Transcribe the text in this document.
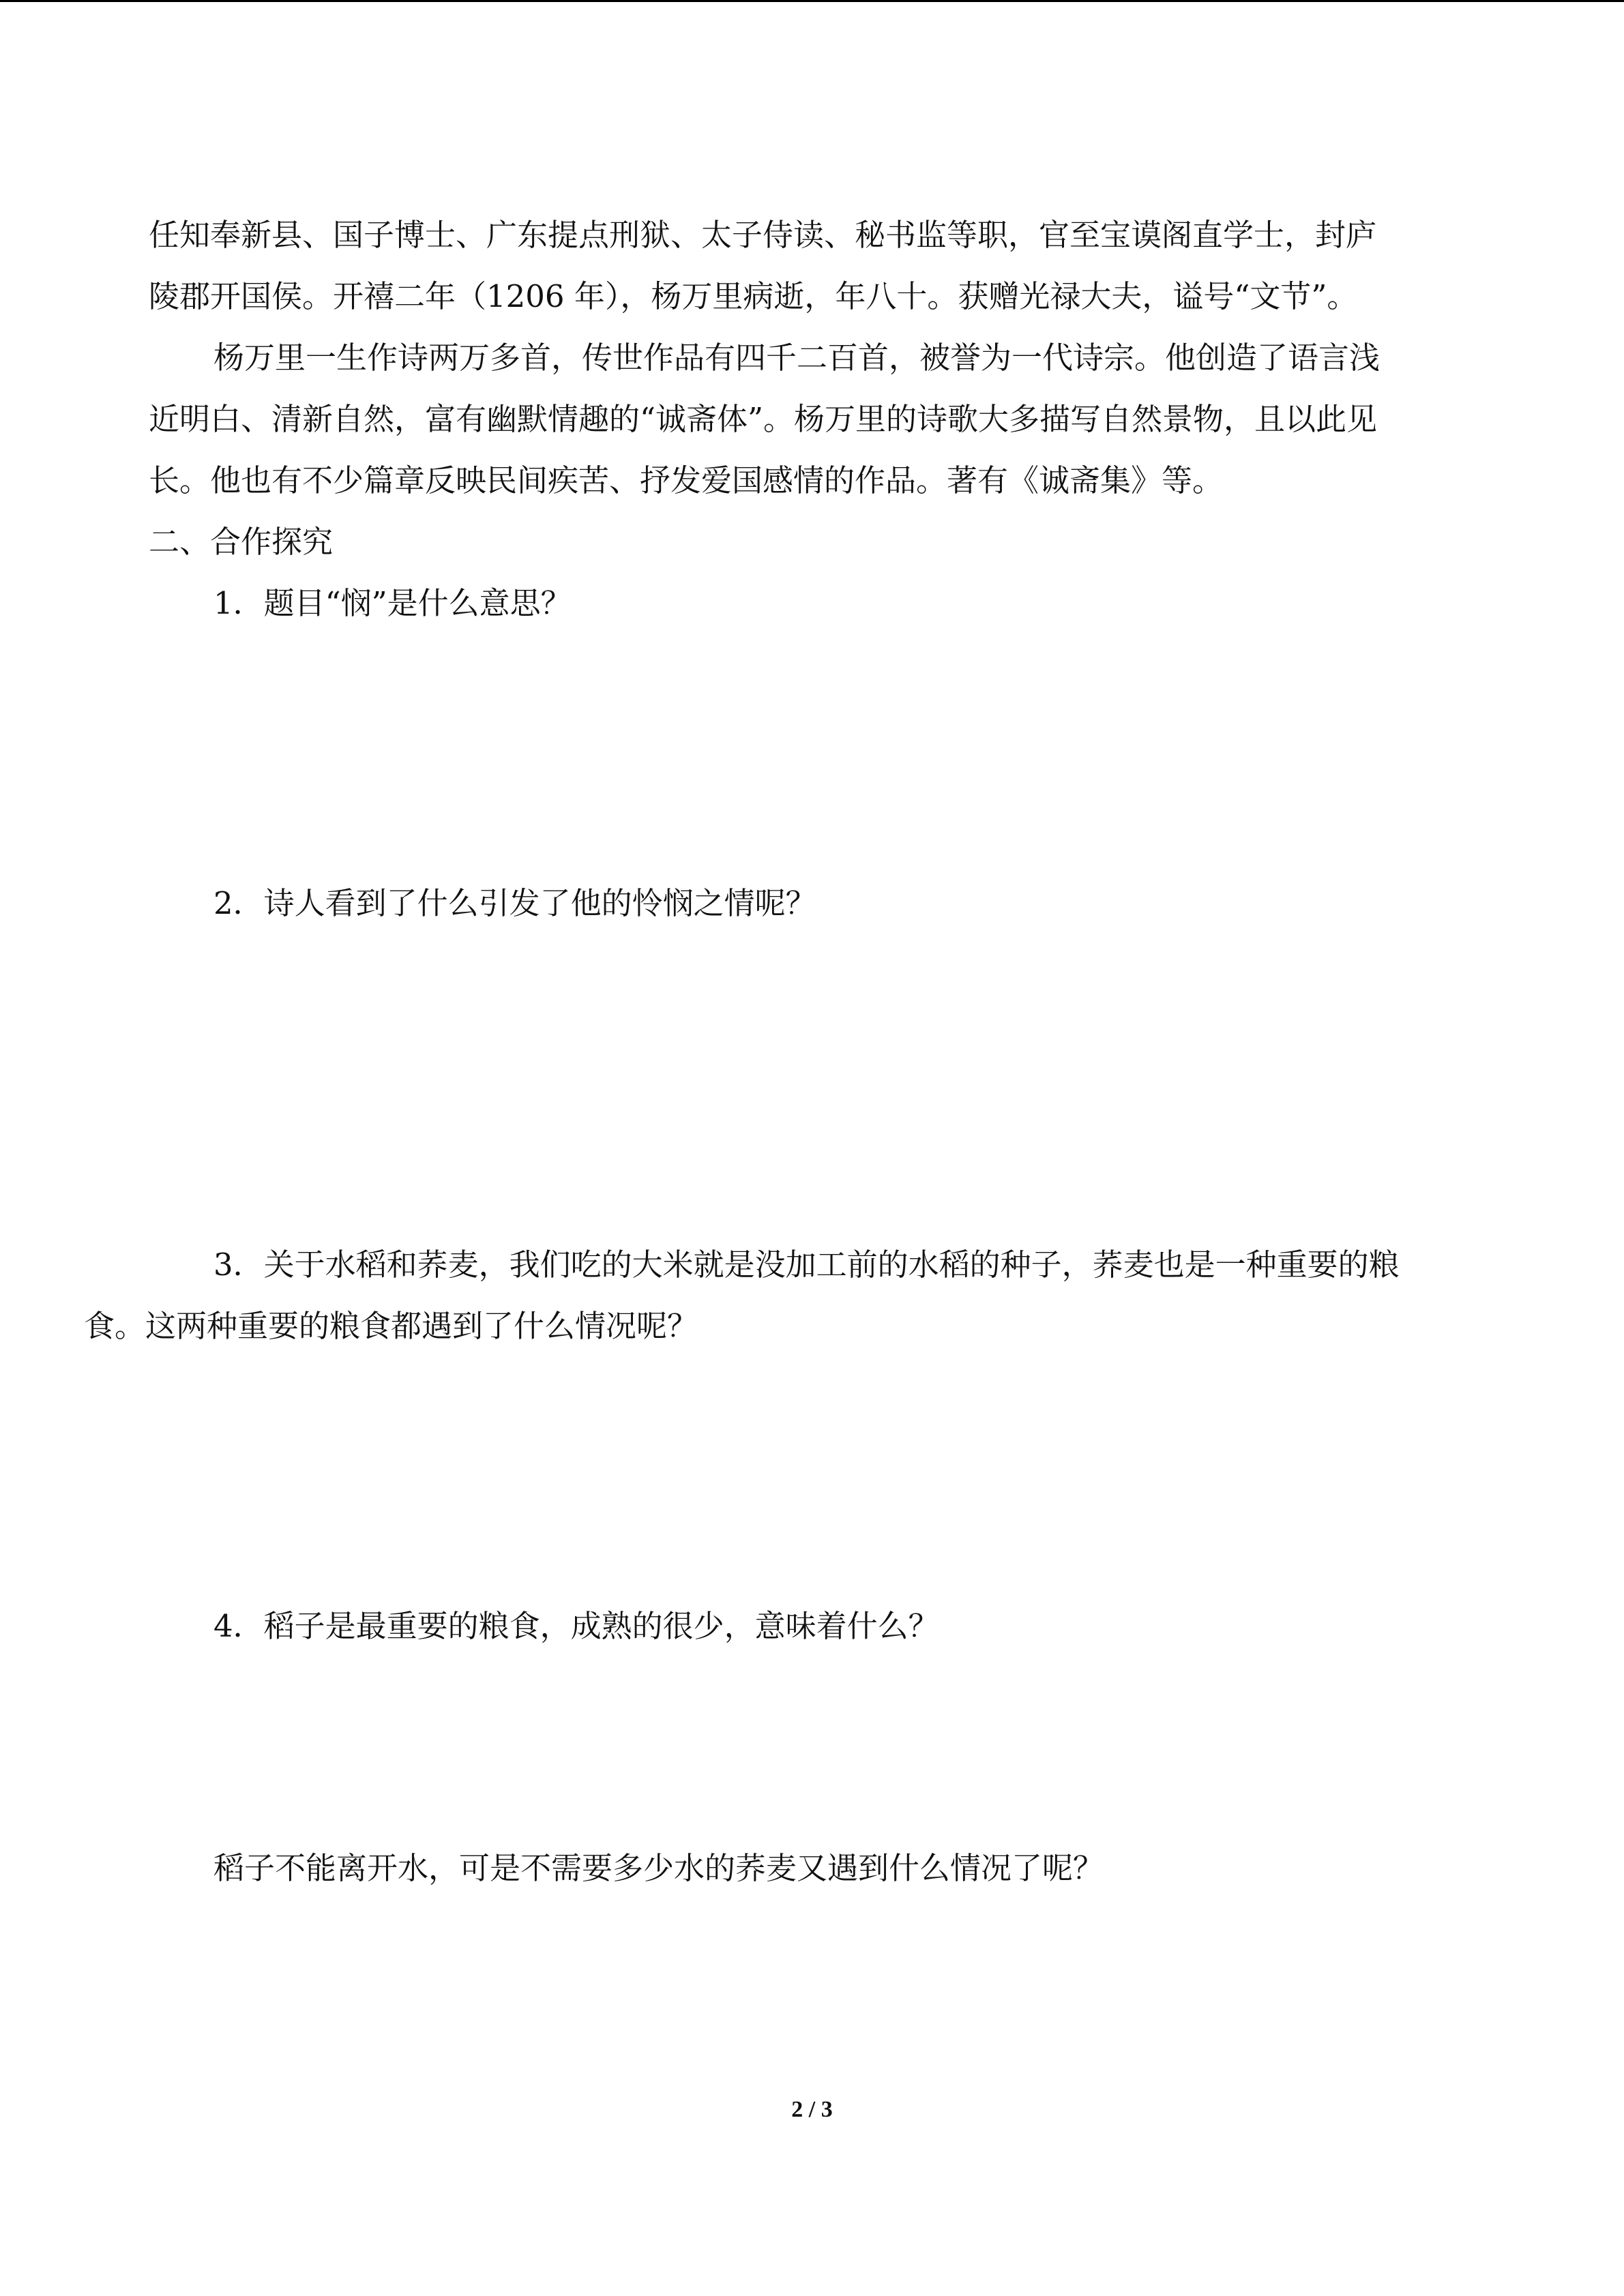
任知奉新县、国子博士、广东提点刑狱、太子侍读、秘书监等职，官至宝谟阁直学士，封庐
陵郡开国侯。开禧二年（1206 年），杨万里病逝，年八十。获赠光禄大夫，谥号“文节”。

杨万里一生作诗两万多首，传世作品有四千二百首，被誉为一代诗宗。他创造了语言浅
近明白、清新自然，富有幽默情趣的“诚斋体”。杨万里的诗歌大多描写自然景物，且以此见
长。他也有不少篇章反映民间疾苦、抒发爱国感情的作品。著有《诚斋集》等。

二、合作探究

1．题目“悯”是什么意思？

2．诗人看到了什么引发了他的怜悯之情呢？

3．关于水稻和荞麦，我们吃的大米就是没加工前的水稻的种子，荞麦也是一种重要的粮
食。这两种重要的粮食都遇到了什么情况呢？

4．稻子是最重要的粮食，成熟的很少，意味着什么？

稻子不能离开水，可是不需要多少水的荞麦又遇到什么情况了呢？

2 / 3
